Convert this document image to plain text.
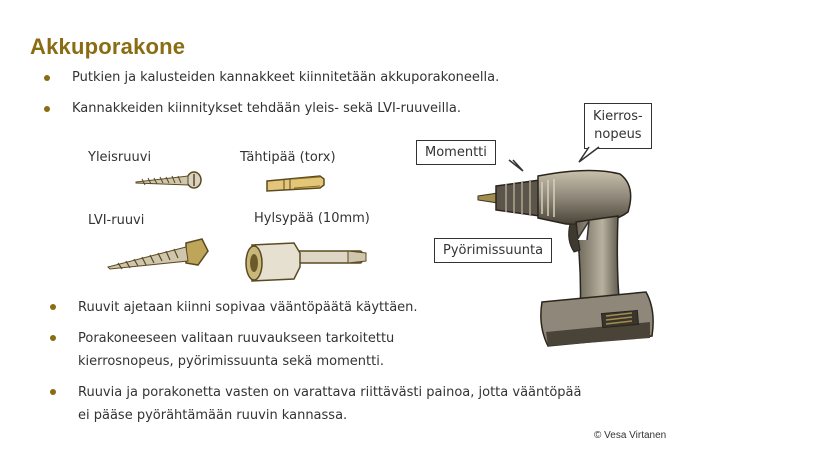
Akkuporakone
Putkien ja kalusteiden kannakkeet kiinnitetään akkuporakoneella.
Kannakkeiden kiinnitykset tehdään yleis- sekä LVI-ruuveilla.
Yleisruuvi	Tähtipää (torx)
LVI-ruuvi	Hylsypää (10mm)
Momentti
Kierros-
nopeus
Pyörimissuunta
Ruuvit ajetaan kiinni sopivaa vääntöpäätä käyttäen.
Porakoneeseen valitaan ruuvaukseen tarkoitettu kierrosnopeus, pyörimissuunta sekä momentti.
Ruuvia ja porakonetta vasten on varattava riittävästi painoa, jotta vääntöpää ei pääse pyörähtämään ruuvin kannassa.
© Vesa Virtanen
